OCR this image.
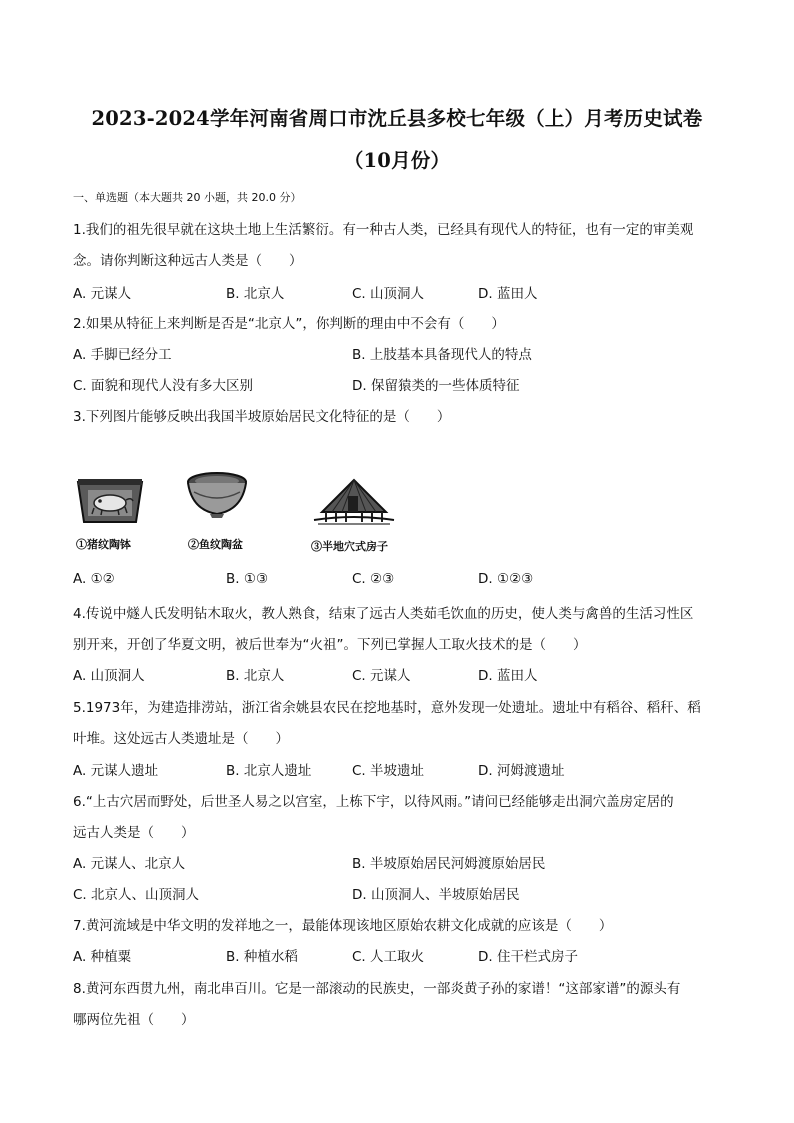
2023-2024学年河南省周口市沈丘县多校七年级（上）月考历史试卷
（10月份）
一、单选题（本大题共 20 小题，共 20.0 分）
1.我们的祖先很早就在这块土地上生活繁衍。有一种古人类，已经具有现代人的特征，也有一定的审美观
念。请你判断这种远古人类是（　　）
A. 元谋人	B. 北京人	C. 山顶洞人	D. 蓝田人
2.如果从特征上来判断是否是“北京人”，你判断的理由中不会有（　　）
A. 手脚已经分工	B. 上肢基本具备现代人的特点
C. 面貌和现代人没有多大区别	D. 保留猿类的一些体质特征
3.下列图片能够反映出我国半坡原始居民文化特征的是（　　）
①猪纹陶钵	②鱼纹陶盆	③半地穴式房子
A. ①②	B. ①③	C. ②③	D. ①②③
4.传说中燧人氏发明钻木取火，教人熟食，结束了远古人类茹毛饮血的历史，使人类与禽兽的生活习性区
别开来，开创了华夏文明，被后世奉为“火祖”。下列已掌握人工取火技术的是（　　）
A. 山顶洞人	B. 北京人	C. 元谋人	D. 蓝田人
5.1973年，为建造排涝站，浙江省余姚县农民在挖地基时，意外发现一处遗址。遗址中有稻谷、稻秆、稻
叶堆。这处远古人类遗址是（　　）
A. 元谋人遗址	B. 北京人遗址	C. 半坡遗址	D. 河姆渡遗址
6.“上古穴居而野处，后世圣人易之以宫室，上栋下宇，以待风雨。”请问已经能够走出洞穴盖房定居的
远古人类是（　　）
A. 元谋人、北京人	B. 半坡原始居民河姆渡原始居民
C. 北京人、山顶洞人	D. 山顶洞人、半坡原始居民
7.黄河流域是中华文明的发祥地之一，最能体现该地区原始农耕文化成就的应该是（　　）
A. 种植粟	B. 种植水稻	C. 人工取火	D. 住干栏式房子
8.黄河东西贯九州，南北串百川。它是一部滚动的民族史，一部炎黄子孙的家谱！“这部家谱”的源头有
哪两位先祖（　　）
